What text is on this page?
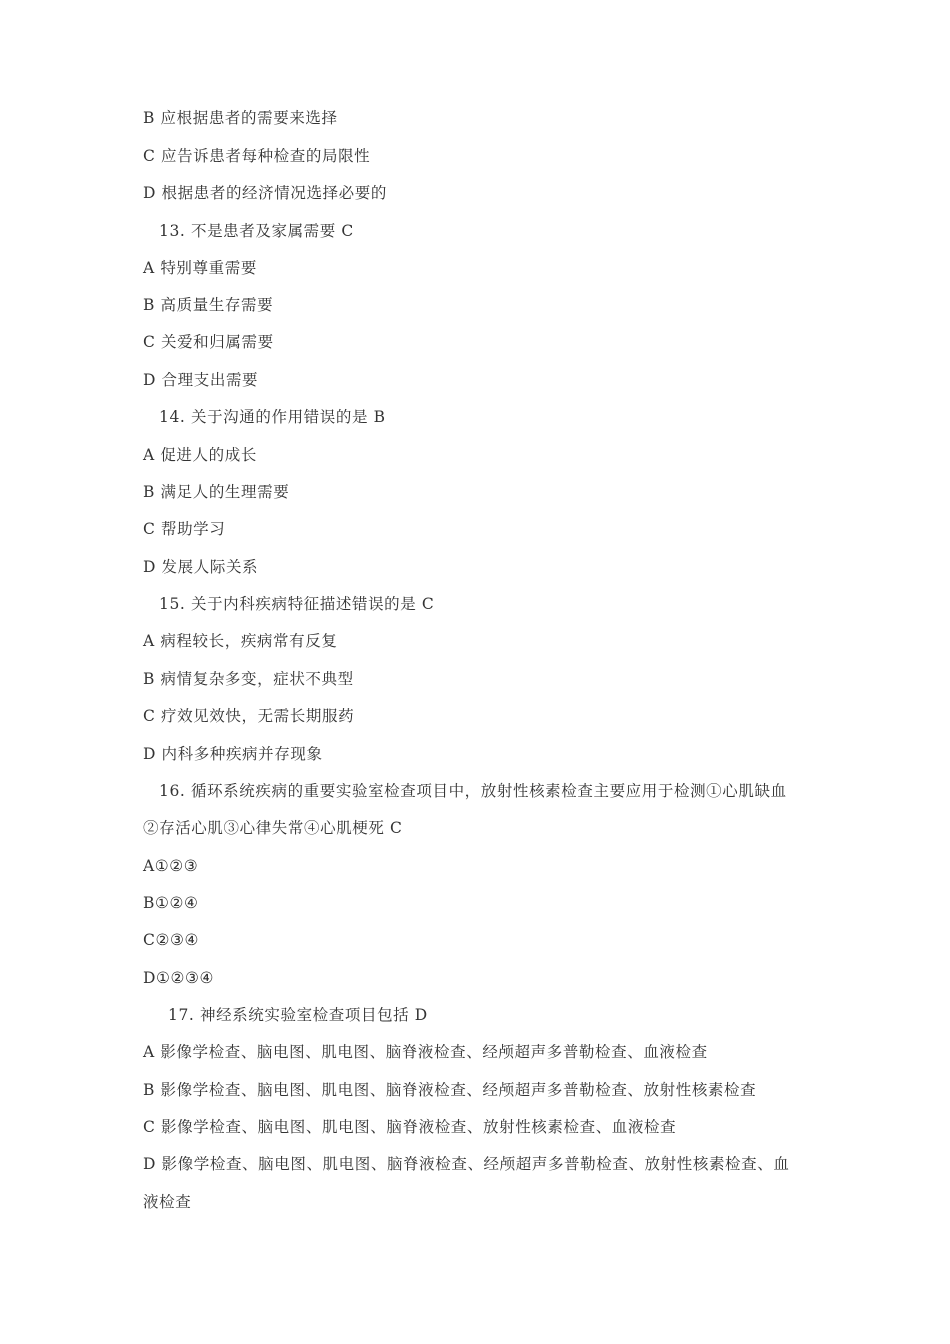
B 应根据患者的需要来选择
C 应告诉患者每种检查的局限性
D 根据患者的经济情况选择必要的
13. 不是患者及家属需要 C
A 特别尊重需要
B 高质量生存需要
C 关爱和归属需要
D 合理支出需要
14. 关于沟通的作用错误的是 B
A 促进人的成长
B 满足人的生理需要
C 帮助学习
D 发展人际关系
15. 关于内科疾病特征描述错误的是 C
A 病程较长，疾病常有反复
B 病情复杂多变，症状不典型
C 疗效见效快，无需长期服药
D 内科多种疾病并存现象
16. 循环系统疾病的重要实验室检查项目中，放射性核素检查主要应用于检测①心肌缺血
②存活心肌③心律失常④心肌梗死 C
A①②③
B①②④
C②③④
D①②③④
17. 神经系统实验室检查项目包括 D
A 影像学检查、脑电图、肌电图、脑脊液检查、经颅超声多普勒检查、血液检查
B 影像学检查、脑电图、肌电图、脑脊液检查、经颅超声多普勒检查、放射性核素检查
C 影像学检查、脑电图、肌电图、脑脊液检查、放射性核素检查、血液检查
D 影像学检查、脑电图、肌电图、脑脊液检查、经颅超声多普勒检查、放射性核素检查、血
液检查
